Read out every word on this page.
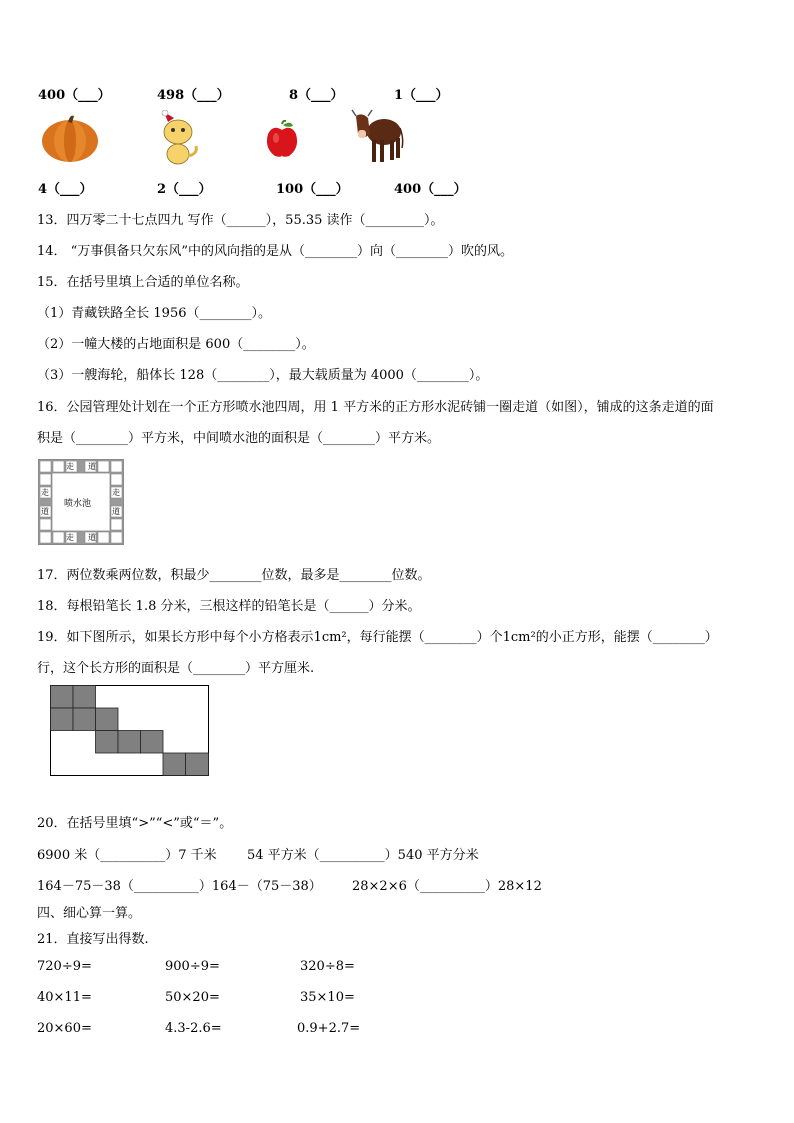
400（___）	498（___）	8（___）	1（___）
4（___）	2（___）	100（___）	400（___）
13．四万零二十七点四九 写作（______），55.35 读作（_________）。
14． “万事俱备只欠东风”中的风向指的是从（________）向（________）吹的风。
15．在括号里填上合适的单位名称。
（1）青藏铁路全长 1956（________）。
（2）一幢大楼的占地面积是 600（________）。
（3）一艘海轮，船体长 128（________），最大载质量为 4000（________）。
16．公园管理处计划在一个正方形喷水池四周，用 1 平方米的正方形水泥砖铺一圈走道（如图），铺成的这条走道的面
积是（________）平方米，中间喷水池的面积是（________）平方米。
走 道
走 道
走
道
走
道
喷水池
17．两位数乘两位数，积最少________位数，最多是________位数。
18．每根铅笔长 1.8 分米，三根这样的铅笔长是（______）分米。
19．如下图所示，如果长方形中每个小方格表示1cm²，每行能摆（________）个1cm²的小正方形，能摆（________）
行，这个长方形的面积是（________）平方厘米.
20．在括号里填“>”“<”或“＝”。
6900 米（__________）7 千米 54 平方米（__________）540 平方分米
164－75－38（__________）164－（75－38） 28×2×6（__________）28×12
四、细心算一算。
21．直接写出得数.
720÷9=	900÷9=	320÷8=
40×11=	50×20=	35×10=
20×60=	4.3-2.6=	0.9+2.7=
